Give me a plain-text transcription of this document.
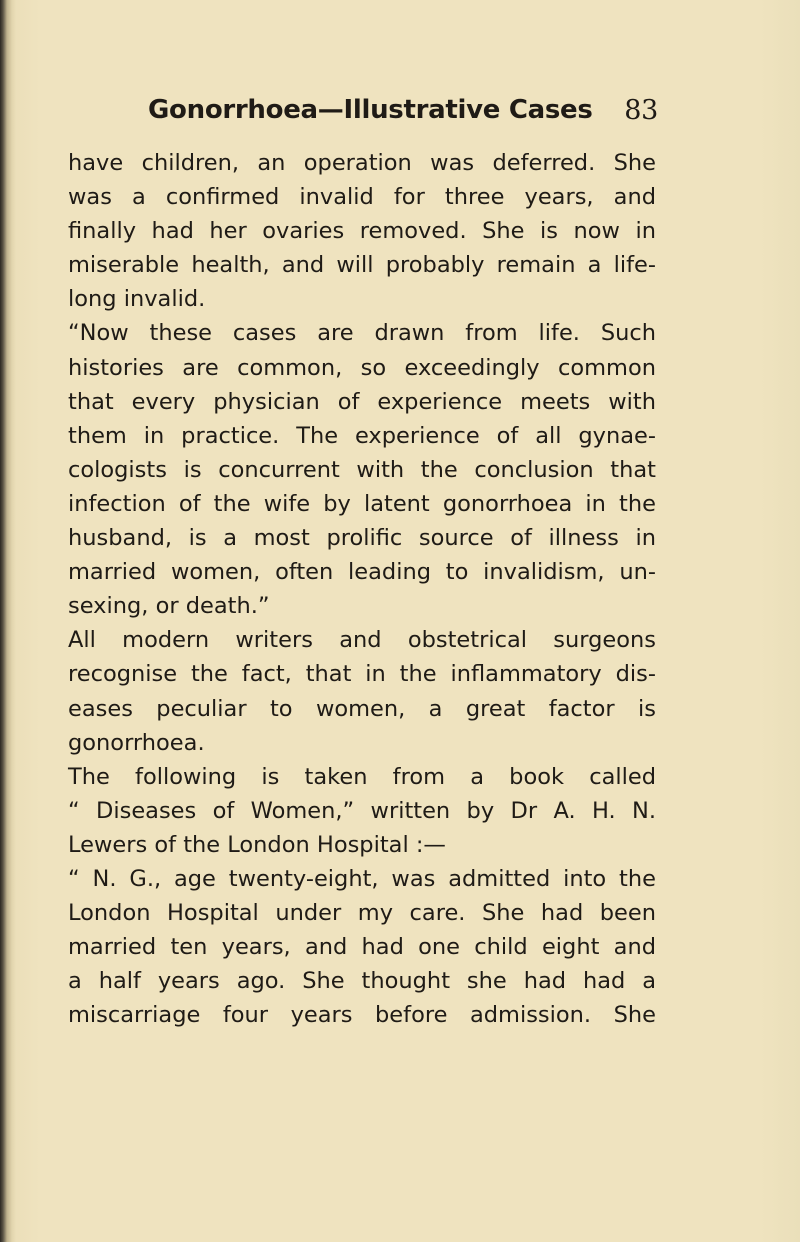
Gonorrhoea—Illustrative Cases 83
have children, an operation was deferred. She
was a confirmed invalid for three years, and
finally had her ovaries removed. She is now in
miserable health, and will probably remain a life-
long invalid.
“Now these cases are drawn from life. Such
histories are common, so exceedingly common
that every physician of experience meets with
them in practice. The experience of all gynae-
cologists is concurrent with the conclusion that
infection of the wife by latent gonorrhoea in the
husband, is a most prolific source of illness in
married women, often leading to invalidism, un-
sexing, or death.”
All modern writers and obstetrical surgeons
recognise the fact, that in the inflammatory dis-
eases peculiar to women, a great factor is
gonorrhoea.
The following is taken from a book called
“ Diseases of Women,” written by Dr A. H. N.
Lewers of the London Hospital :—
“ N. G., age twenty-eight, was admitted into the
London Hospital under my care. She had been
married ten years, and had one child eight and
a half years ago. She thought she had had a
miscarriage four years before admission. She
